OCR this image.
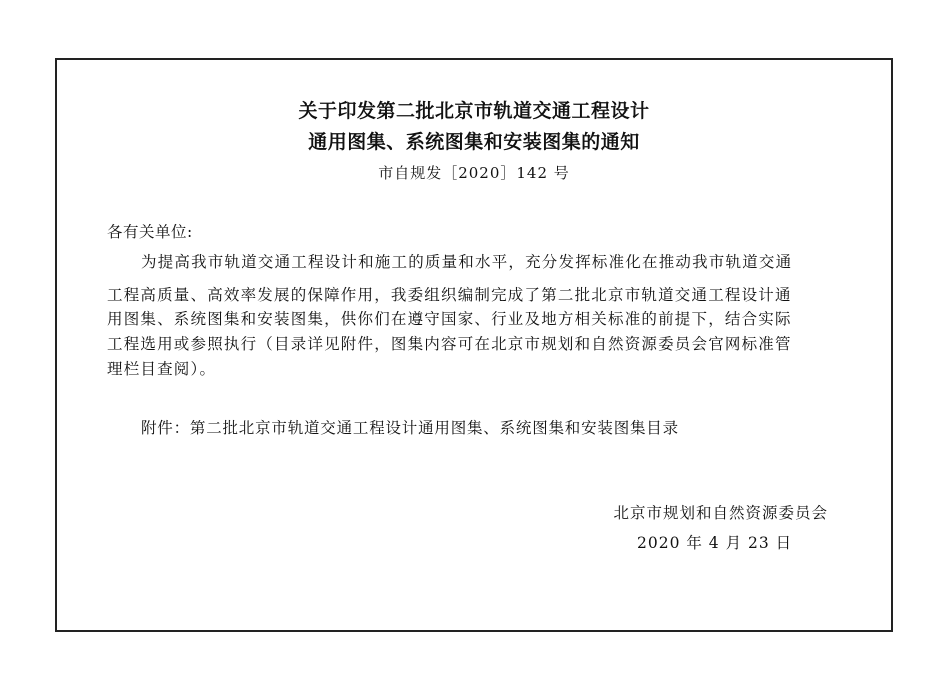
关于印发第二批北京市轨道交通工程设计
通用图集、系统图集和安装图集的通知
市自规发［2020］142 号
各有关单位:
为提高我市轨道交通工程设计和施工的质量和水平，充分发挥标准化在推动我市轨道交通
工程高质量、高效率发展的保障作用，我委组织编制完成了第二批北京市轨道交通工程设计通
用图集、系统图集和安装图集，供你们在遵守国家、行业及地方相关标准的前提下，结合实际
工程选用或参照执行（目录详见附件，图集内容可在北京市规划和自然资源委员会官网标准管
理栏目查阅）。
附件：第二批北京市轨道交通工程设计通用图集、系统图集和安装图集目录
北京市规划和自然资源委员会
2020 年 4 月 23 日
